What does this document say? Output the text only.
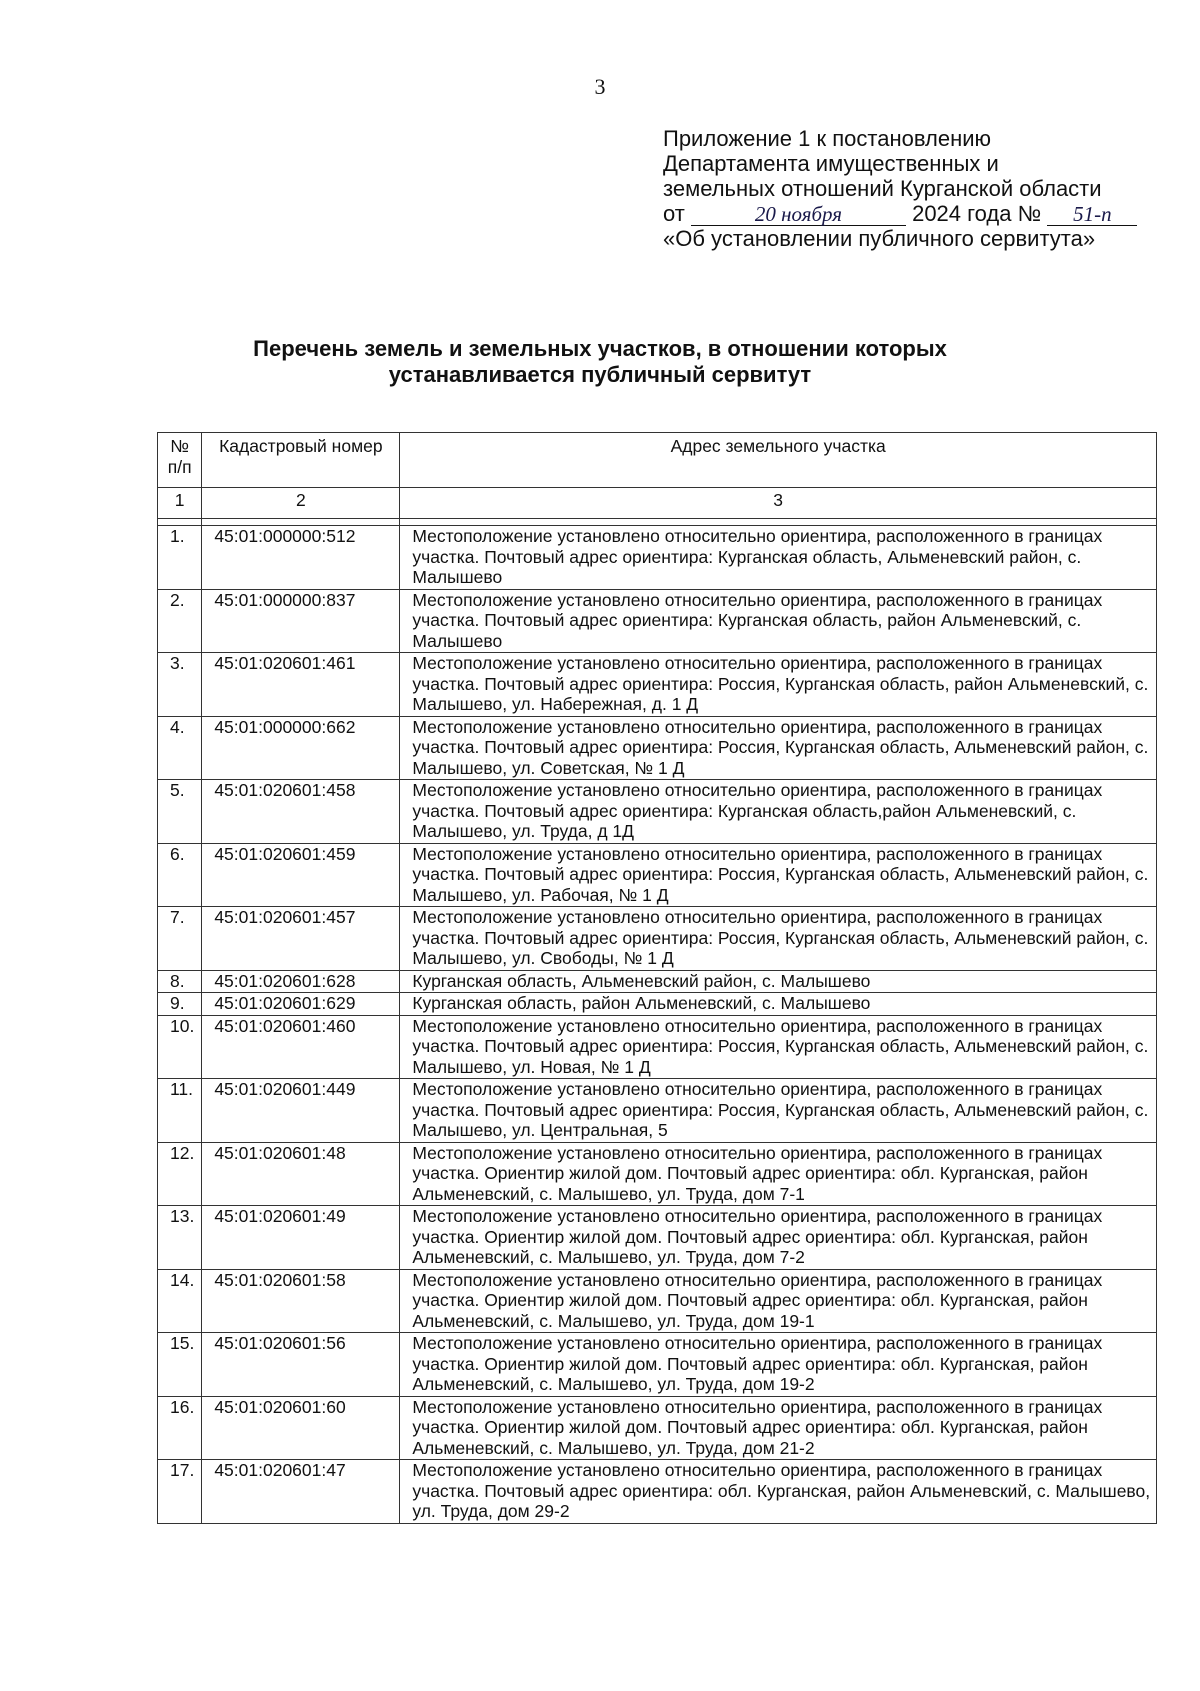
3
Приложение 1 к постановлению
Департамента имущественных и
земельных отношений Курганской области
от	20 ноября	2024 года № 51-п
«Об установлении публичного сервитута»
Перечень земель и земельных участков, в отношении которых
устанавливается публичный сервитут
№ п/п	Кадастровый номер	Адрес земельного участка
1	2	3

1.	45:01:000000:512	Местоположение установлено относительно ориентира, расположенного в границах участка. Почтовый адрес ориентира: Курганская область, Альменевский район, с. Малышево
2.	45:01:000000:837	Местоположение установлено относительно ориентира, расположенного в границах участка. Почтовый адрес ориентира: Курганская область, район Альменевский, с. Малышево
3.	45:01:020601:461	Местоположение установлено относительно ориентира, расположенного в границах участка. Почтовый адрес ориентира: Россия, Курганская область, район Альменевский, с. Малышево, ул. Набережная, д. 1 Д
4.	45:01:000000:662	Местоположение установлено относительно ориентира, расположенного в границах участка. Почтовый адрес ориентира: Россия, Курганская область, Альменевский район, с. Малышево, ул. Советская, № 1 Д
5.	45:01:020601:458	Местоположение установлено относительно ориентира, расположенного в границах участка. Почтовый адрес ориентира: Курганская область,район Альменевский, с. Малышево, ул. Труда, д 1Д
6.	45:01:020601:459	Местоположение установлено относительно ориентира, расположенного в границах участка. Почтовый адрес ориентира: Россия, Курганская область, Альменевский район, с. Малышево, ул. Рабочая, № 1 Д
7.	45:01:020601:457	Местоположение установлено относительно ориентира, расположенного в границах участка. Почтовый адрес ориентира: Россия, Курганская область, Альменевский район, с. Малышево, ул. Свободы, № 1 Д
8.	45:01:020601:628	Курганская область, Альменевский район, с. Малышево
9.	45:01:020601:629	Курганская область, район Альменевский, с. Малышево
10.	45:01:020601:460	Местоположение установлено относительно ориентира, расположенного в границах участка. Почтовый адрес ориентира: Россия, Курганская область, Альменевский район, с. Малышево, ул. Новая, № 1 Д
11.	45:01:020601:449	Местоположение установлено относительно ориентира, расположенного в границах участка. Почтовый адрес ориентира: Россия, Курганская область, Альменевский район, с. Малышево, ул. Центральная, 5
12.	45:01:020601:48	Местоположение установлено относительно ориентира, расположенного в границах участка. Ориентир жилой дом. Почтовый адрес ориентира: обл. Курганская, район Альменевский, с. Малышево, ул. Труда, дом 7-1
13.	45:01:020601:49	Местоположение установлено относительно ориентира, расположенного в границах участка. Ориентир жилой дом. Почтовый адрес ориентира: обл. Курганская, район Альменевский, с. Малышево, ул. Труда, дом 7-2
14.	45:01:020601:58	Местоположение установлено относительно ориентира, расположенного в границах участка. Ориентир жилой дом. Почтовый адрес ориентира: обл. Курганская, район Альменевский, с. Малышево, ул. Труда, дом 19-1
15.	45:01:020601:56	Местоположение установлено относительно ориентира, расположенного в границах участка. Ориентир жилой дом. Почтовый адрес ориентира: обл. Курганская, район Альменевский, с. Малышево, ул. Труда, дом 19-2
16.	45:01:020601:60	Местоположение установлено относительно ориентира, расположенного в границах участка. Ориентир жилой дом. Почтовый адрес ориентира: обл. Курганская, район Альменевский, с. Малышево, ул. Труда, дом 21-2
17.	45:01:020601:47	Местоположение установлено относительно ориентира, расположенного в границах участка. Почтовый адрес ориентира: обл. Курганская, район Альменевский, с. Малышево, ул. Труда, дом 29-2
